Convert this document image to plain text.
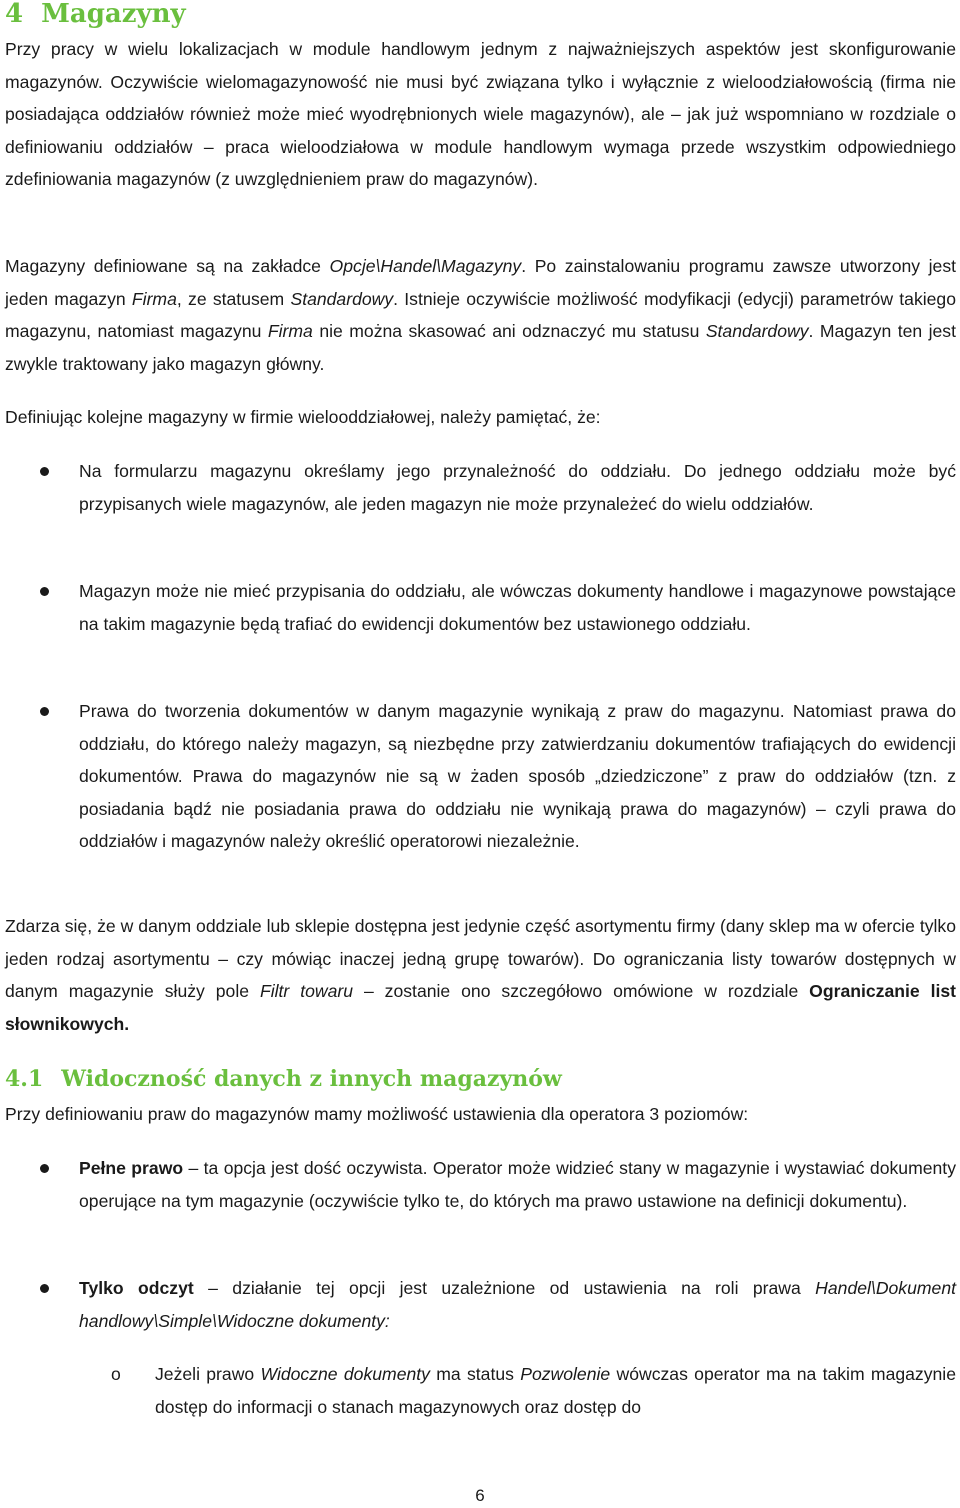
4 Magazyny

Przy pracy w wielu lokalizacjach w module handlowym jednym z najważniejszych aspektów jest skonfigurowanie magazynów. Oczywiście wielomagazynowość nie musi być związana tylko i wyłącznie z wieloodziałowością (firma nie posiadająca oddziałów również może mieć wyodrębnionych wiele magazynów), ale – jak już wspomniano w rozdziale o definiowaniu oddziałów – praca wieloodziałowa w module handlowym wymaga przede wszystkim odpowiedniego zdefiniowania magazynów (z uwzględnieniem praw do magazynów).

Magazyny definiowane są na zakładce Opcje\Handel\Magazyny. Po zainstalowaniu programu zawsze utworzony jest jeden magazyn Firma, ze statusem Standardowy. Istnieje oczywiście możliwość modyfikacji (edycji) parametrów takiego magazynu, natomiast magazynu Firma nie można skasować ani odznaczyć mu statusu Standardowy. Magazyn ten jest zwykle traktowany jako magazyn główny.

Definiując kolejne magazyny w firmie wielooddziałowej, należy pamiętać, że:

Na formularzu magazynu określamy jego przynależność do oddziału. Do jednego oddziału może być przypisanych wiele magazynów, ale jeden magazyn nie może przynależeć do wielu oddziałów.

Magazyn może nie mieć przypisania do oddziału, ale wówczas dokumenty handlowe i magazynowe powstające na takim magazynie będą trafiać do ewidencji dokumentów bez ustawionego oddziału.

Prawa do tworzenia dokumentów w danym magazynie wynikają z praw do magazynu. Natomiast prawa do oddziału, do którego należy magazyn, są niezbędne przy zatwierdzaniu dokumentów trafiających do ewidencji dokumentów. Prawa do magazynów nie są w żaden sposób „dziedziczone” z praw do oddziałów (tzn. z posiadania bądź nie posiadania prawa do oddziału nie wynikają prawa do magazynów) – czyli prawa do oddziałów i magazynów należy określić operatorowi niezależnie.

Zdarza się, że w danym oddziale lub sklepie dostępna jest jedynie część asortymentu firmy (dany sklep ma w ofercie tylko jeden rodzaj asortymentu – czy mówiąc inaczej jedną grupę towarów). Do ograniczania listy towarów dostępnych w danym magazynie służy pole Filtr towaru – zostanie ono szczegółowo omówione w rozdziale Ograniczanie list słownikowych.

4.1 Widoczność danych z innych magazynów

Przy definiowaniu praw do magazynów mamy możliwość ustawienia dla operatora 3 poziomów:

Pełne prawo – ta opcja jest dość oczywista. Operator może widzieć stany w magazynie i wystawiać dokumenty operujące na tym magazynie (oczywiście tylko te, do których ma prawo ustawione na definicji dokumentu).

Tylko odczyt – działanie tej opcji jest uzależnione od ustawienia na roli prawa Handel\Dokument handlowy\Simple\Widoczne dokumenty:

o Jeżeli prawo Widoczne dokumenty ma status Pozwolenie wówczas operator ma na takim magazynie dostęp do informacji o stanach magazynowych oraz dostęp do

6
